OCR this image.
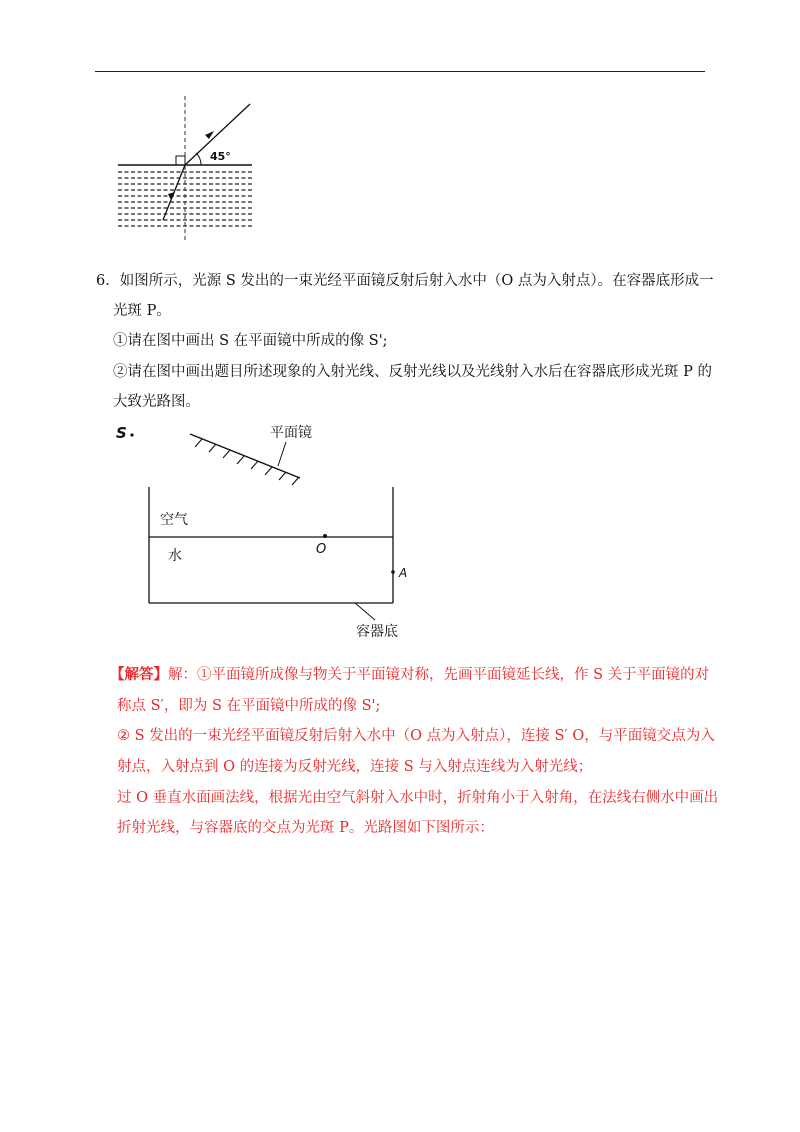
45°
6．如图所示，光源 S 发出的一束光经平面镜反射后射入水中（O 点为入射点）。在容器底形成一
光斑 P。
①请在图中画出 S 在平面镜中所成的像 S';
②请在图中画出题目所述现象的入射光线、反射光线以及光线射入水后在容器底形成光斑 P 的
大致光路图。
S	平面镜
空气
水	O
A
容器底
【解答】解：①平面镜所成像与物关于平面镜对称，先画平面镜延长线，作 S 关于平面镜的对
称点 S′，即为 S 在平面镜中所成的像 S';
② S 发出的一束光经平面镜反射后射入水中（O 点为入射点），连接 S′ O，与平面镜交点为入
射点，入射点到 O 的连接为反射光线，连接 S 与入射点连线为入射光线；
过 O 垂直水面画法线，根据光由空气斜射入水中时，折射角小于入射角，在法线右侧水中画出
折射光线，与容器底的交点为光斑 P。光路图如下图所示：
